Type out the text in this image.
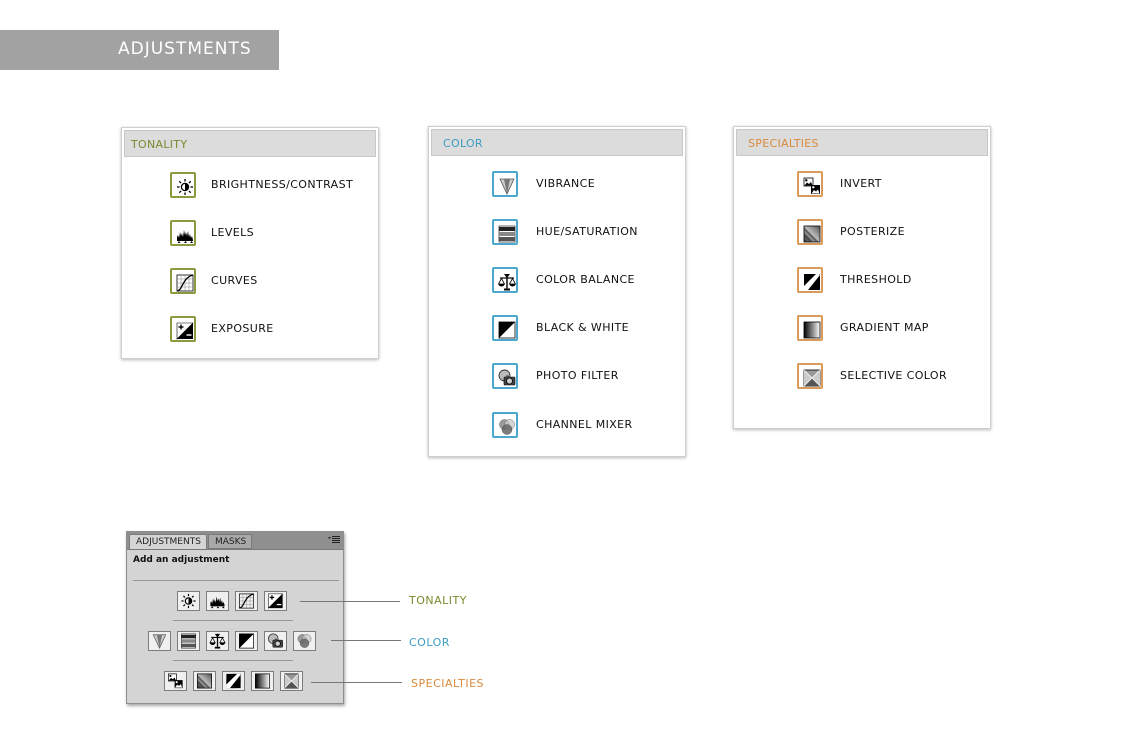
ADJUSTMENTS
TONALITY
BRIGHTNESS/CONTRAST
LEVELS
CURVES
EXPOSURE
COLOR
VIBRANCE
HUE/SATURATION
COLOR BALANCE
BLACK & WHITE
PHOTO FILTER
CHANNEL MIXER
SPECIALTIES
INVERT
POSTERIZE
THRESHOLD
GRADIENT MAP
SELECTIVE COLOR
ADJUSTMENTS	MASKS
Add an adjustment
TONALITY
COLOR
SPECIALTIES
